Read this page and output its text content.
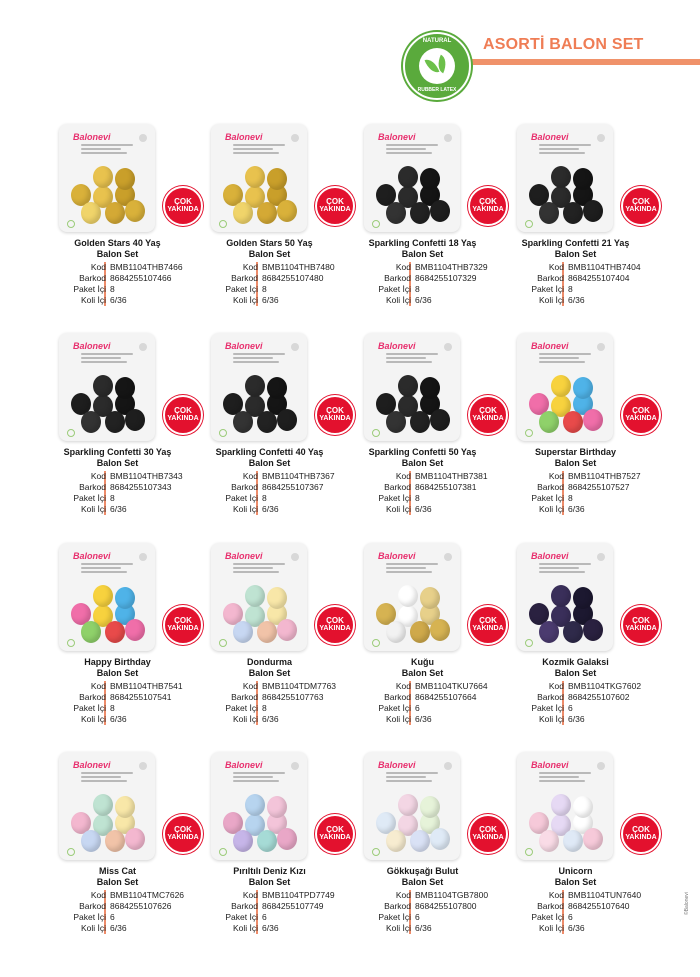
ASORTİ BALON SET
NATURAL
RUBBER LATEX
Balonevi
ÇOK
YAKINDA
Golden Stars 40 Yaş
Balon Set
Kod BMB1104THB7466
Barkod 8684255107466
Paket İçi 8
Koli İçi 6/36
Balonevi
ÇOK
YAKINDA
Golden Stars 50 Yaş
Balon Set
Kod BMB1104THB7480
Barkod 8684255107480
Paket İçi 8
Koli İçi 6/36
Balonevi
ÇOK
YAKINDA
Sparkling Confetti 18 Yaş
Balon Set
Kod BMB1104THB7329
Barkod 8684255107329
Paket İçi 8
Koli İçi 6/36
Balonevi
ÇOK
YAKINDA
Sparkling Confetti 21 Yaş
Balon Set
Kod BMB1104THB7404
Barkod 8684255107404
Paket İçi 8
Koli İçi 6/36
Balonevi
ÇOK
YAKINDA
Sparkling Confetti 30 Yaş
Balon Set
Kod BMB1104THB7343
Barkod 8684255107343
Paket İçi 8
Koli İçi 6/36
Balonevi
ÇOK
YAKINDA
Sparkling Confetti 40 Yaş
Balon Set
Kod BMB1104THB7367
Barkod 8684255107367
Paket İçi 8
Koli İçi 6/36
Balonevi
ÇOK
YAKINDA
Sparkling Confetti 50 Yaş
Balon Set
Kod BMB1104THB7381
Barkod 8684255107381
Paket İçi 8
Koli İçi 6/36
Balonevi
ÇOK
YAKINDA
Superstar Birthday
Balon Set
Kod BMB1104THB7527
Barkod 8684255107527
Paket İçi 8
Koli İçi 6/36
Balonevi
ÇOK
YAKINDA
Happy Birthday
Balon Set
Kod BMB1104THB7541
Barkod 8684255107541
Paket İçi 8
Koli İçi 6/36
Balonevi
ÇOK
YAKINDA
Dondurma
Balon Set
Kod BMB1104TDM7763
Barkod 8684255107763
Paket İçi 8
Koli İçi 6/36
Balonevi
ÇOK
YAKINDA
Kuğu
Balon Set
Kod BMB1104TKU7664
Barkod 8684255107664
Paket İçi 6
Koli İçi 6/36
Balonevi
ÇOK
YAKINDA
Kozmik Galaksi
Balon Set
Kod BMB1104TKG7602
Barkod 8684255107602
Paket İçi 6
Koli İçi 6/36
Balonevi
ÇOK
YAKINDA
Miss Cat
Balon Set
Kod BMB1104TMC7626
Barkod 8684255107626
Paket İçi 6
Koli İçi 6/36
Balonevi
ÇOK
YAKINDA
Pırıltılı Deniz Kızı
Balon Set
Kod BMB1104TPD7749
Barkod 8684255107749
Paket İçi 6
Koli İçi 6/36
Balonevi
ÇOK
YAKINDA
Gökkuşağı Bulut
Balon Set
Kod BMB1104TGB7800
Barkod 8684255107800
Paket İçi 6
Koli İçi 6/36
Balonevi
ÇOK
YAKINDA
Unicorn
Balon Set
Kod BMB1104TUN7640
Barkod 8684255107640
Paket İçi 6
Koli İçi 6/36
©Balonevi
